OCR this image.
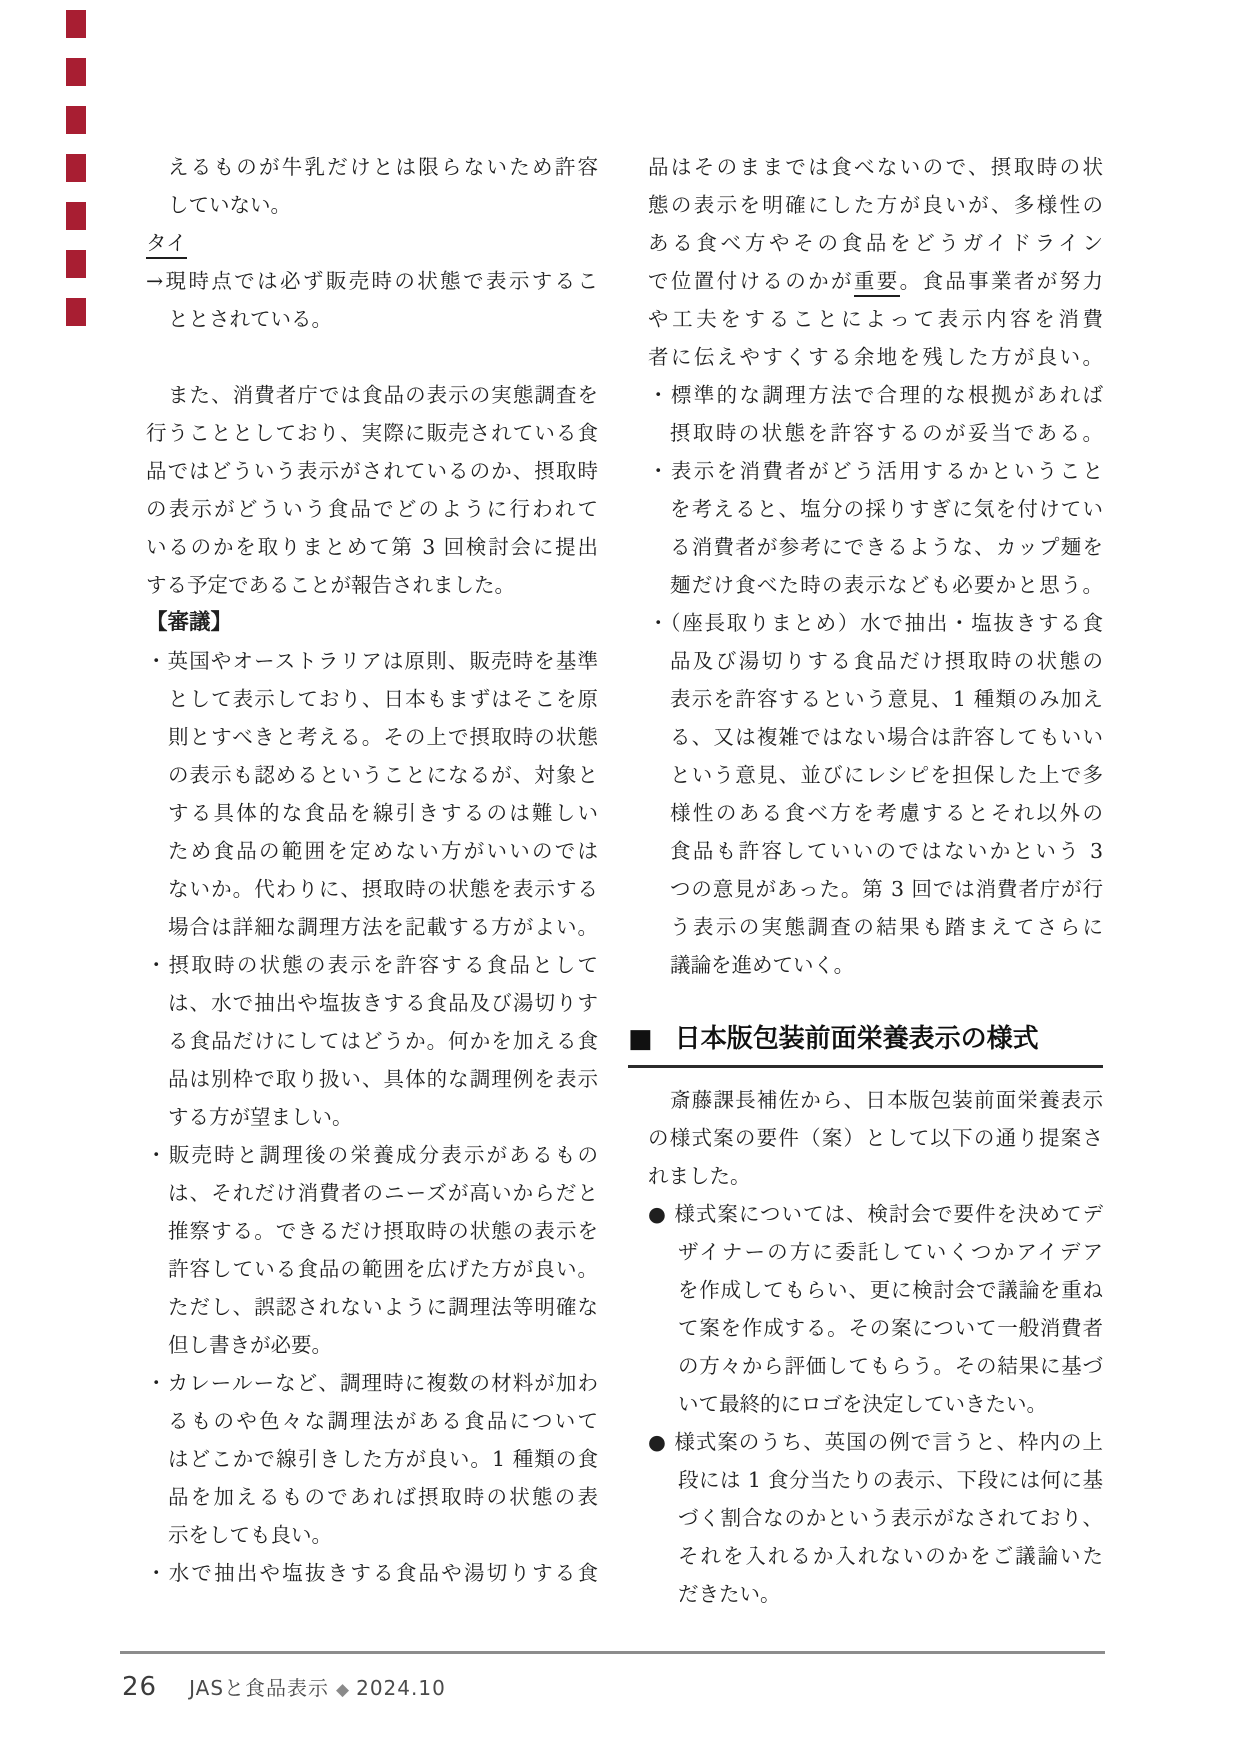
えるものが牛乳だけとは限らないため許容
していない。
タイ
→現時点では必ず販売時の状態で表示するこ
ととされている。
また、消費者庁では食品の表示の実態調査を
行うこととしており、実際に販売されている食
品ではどういう表示がされているのか、摂取時
の表示がどういう食品でどのように行われて
いるのかを取りまとめて第 3 回検討会に提出
する予定であることが報告されました。
【審議】
・英国やオーストラリアは原則、販売時を基準
として表示しており、日本もまずはそこを原
則とすべきと考える。その上で摂取時の状態
の表示も認めるということになるが、対象と
する具体的な食品を線引きするのは難しい
ため食品の範囲を定めない方がいいのでは
ないか。代わりに、摂取時の状態を表示する
場合は詳細な調理方法を記載する方がよい。
・摂取時の状態の表示を許容する食品として
は、水で抽出や塩抜きする食品及び湯切りす
る食品だけにしてはどうか。何かを加える食
品は別枠で取り扱い、具体的な調理例を表示
する方が望ましい。
・販売時と調理後の栄養成分表示があるもの
は、それだけ消費者のニーズが高いからだと
推察する。できるだけ摂取時の状態の表示を
許容している食品の範囲を広げた方が良い。
ただし、誤認されないように調理法等明確な
但し書きが必要。
・カレールーなど、調理時に複数の材料が加わ
るものや色々な調理法がある食品について
はどこかで線引きした方が良い。1 種類の食
品を加えるものであれば摂取時の状態の表
示をしても良い。
・水で抽出や塩抜きする食品や湯切りする食
品はそのままでは食べないので、摂取時の状
態の表示を明確にした方が良いが、多様性の
ある食べ方やその食品をどうガイドライン
で位置付けるのかが重要。食品事業者が努力
や工夫をすることによって表示内容を消費
者に伝えやすくする余地を残した方が良い。
・標準的な調理方法で合理的な根拠があれば
摂取時の状態を許容するのが妥当である。
・表示を消費者がどう活用するかということ
を考えると、塩分の採りすぎに気を付けてい
る消費者が参考にできるような、カップ麺を
麺だけ食べた時の表示なども必要かと思う。
・（座長取りまとめ）水で抽出・塩抜きする食
品及び湯切りする食品だけ摂取時の状態の
表示を許容するという意見、1 種類のみ加え
る、又は複雑ではない場合は許容してもいい
という意見、並びにレシピを担保した上で多
様性のある食べ方を考慮するとそれ以外の
食品も許容していいのではないかという 3
つの意見があった。第 3 回では消費者庁が行
う表示の実態調査の結果も踏まえてさらに
議論を進めていく。
■ 日本版包装前面栄養表示の様式
斎藤課長補佐から、日本版包装前面栄養表示
の様式案の要件（案）として以下の通り提案さ
れました。
● 様式案については、検討会で要件を決めてデ
ザイナーの方に委託していくつかアイデア
を作成してもらい、更に検討会で議論を重ね
て案を作成する。その案について一般消費者
の方々から評価してもらう。その結果に基づ
いて最終的にロゴを決定していきたい。
● 様式案のうち、英国の例で言うと、枠内の上
段には 1 食分当たりの表示、下段には何に基
づく割合なのかという表示がなされており、
それを入れるか入れないのかをご議論いた
だきたい。
26 JASと食品表示 ◆ 2024.10
